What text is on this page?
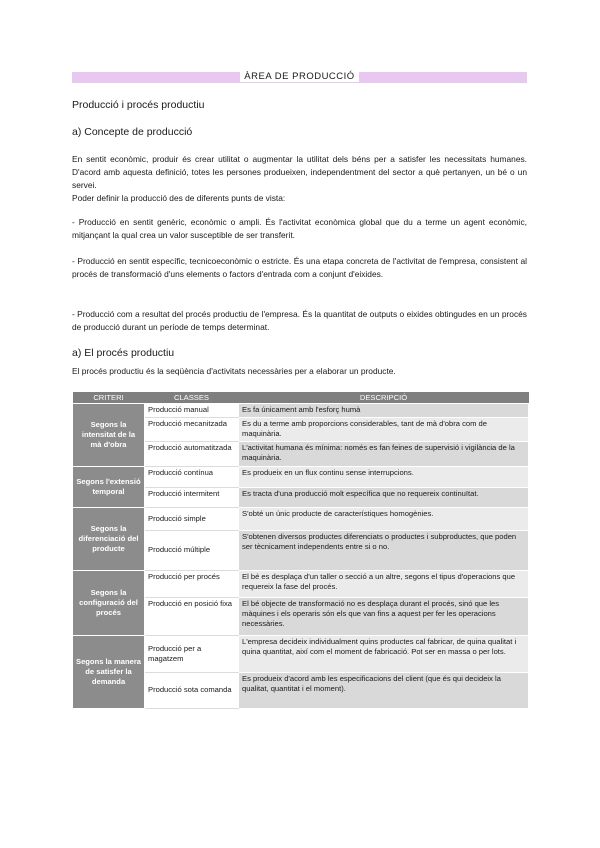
ÀREA DE PRODUCCIÓ
Producció i procés productiu
a) Concepte de producció

En sentit econòmic, produir és crear utilitat o augmentar la utilitat dels béns per a satisfer les necessitats humanes. D'acord amb aquesta definició, totes les persones produeixen, independentment del sector a què pertanyen, un bé o un servei.

Poder definir la producció des de diferents punts de vista:

- Producció en sentit genèric, econòmic o ampli. És l'activitat econòmica global que du a terme un agent econòmic, mitjançant la qual crea un valor susceptible de ser transferit.

- Producció en sentit específic, tecnicoeconòmic o estricte. És una etapa concreta de l'activitat de l'empresa, consistent al procés de transformació d'uns elements o factors d'entrada com a conjunt d'eixides.

- Producció com a resultat del procés productiu de l'empresa. És la quantitat de outputs o eixides obtingudes en un procés de producció durant un període de temps determinat.

a) El procés productiu

El procés productiu és la seqüència d'activitats necessàries per a elaborar un producte.

CRITERI	CLASSES	DESCRIPCIÓ
Segons la intensitat de la mà d'obra	Producció manual	Es fa únicament amb l'esforç humà
	Producció mecanitzada	Es du a terme amb proporcions considerables, tant de mà d'obra com de maquinària.
	Producció automatitzada	L'activitat humana és mínima: només es fan feines de supervisió i vigilància de la maquinària.
Segons l'extensió temporal	Producció contínua	Es produeix en un flux continu sense interrupcions.
	Producció intermitent	Es tracta d'una producció molt específica que no requereix continuïtat.
Segons la diferenciació del producte	Producció simple	S'obté un únic producte de característiques homogènies.
	Producció múltiple	S'obtenen diversos productes diferenciats o productes i subproductes, que poden ser tècnicament independents entre si o no.
Segons la configuració del procés	Producció per procés	El bé es desplaça d'un taller o secció a un altre, segons el tipus d'operacions que requereix la fase del procés.
	Producció en posició fixa	El bé objecte de transformació no es desplaça durant el procés, sinó que les màquines i els operaris són els que van fins a aquest per fer les operacions necessàries.
Segons la manera de satisfer la demanda	Producció per a magatzem	L'empresa decideix individualment quins productes cal fabricar, de quina qualitat i quina quantitat, així com el moment de fabricació. Pot ser en massa o per lots.
	Producció sota comanda	Es produeix d'acord amb les especificacions del client (que és qui decideix la qualitat, quantitat i el moment).
